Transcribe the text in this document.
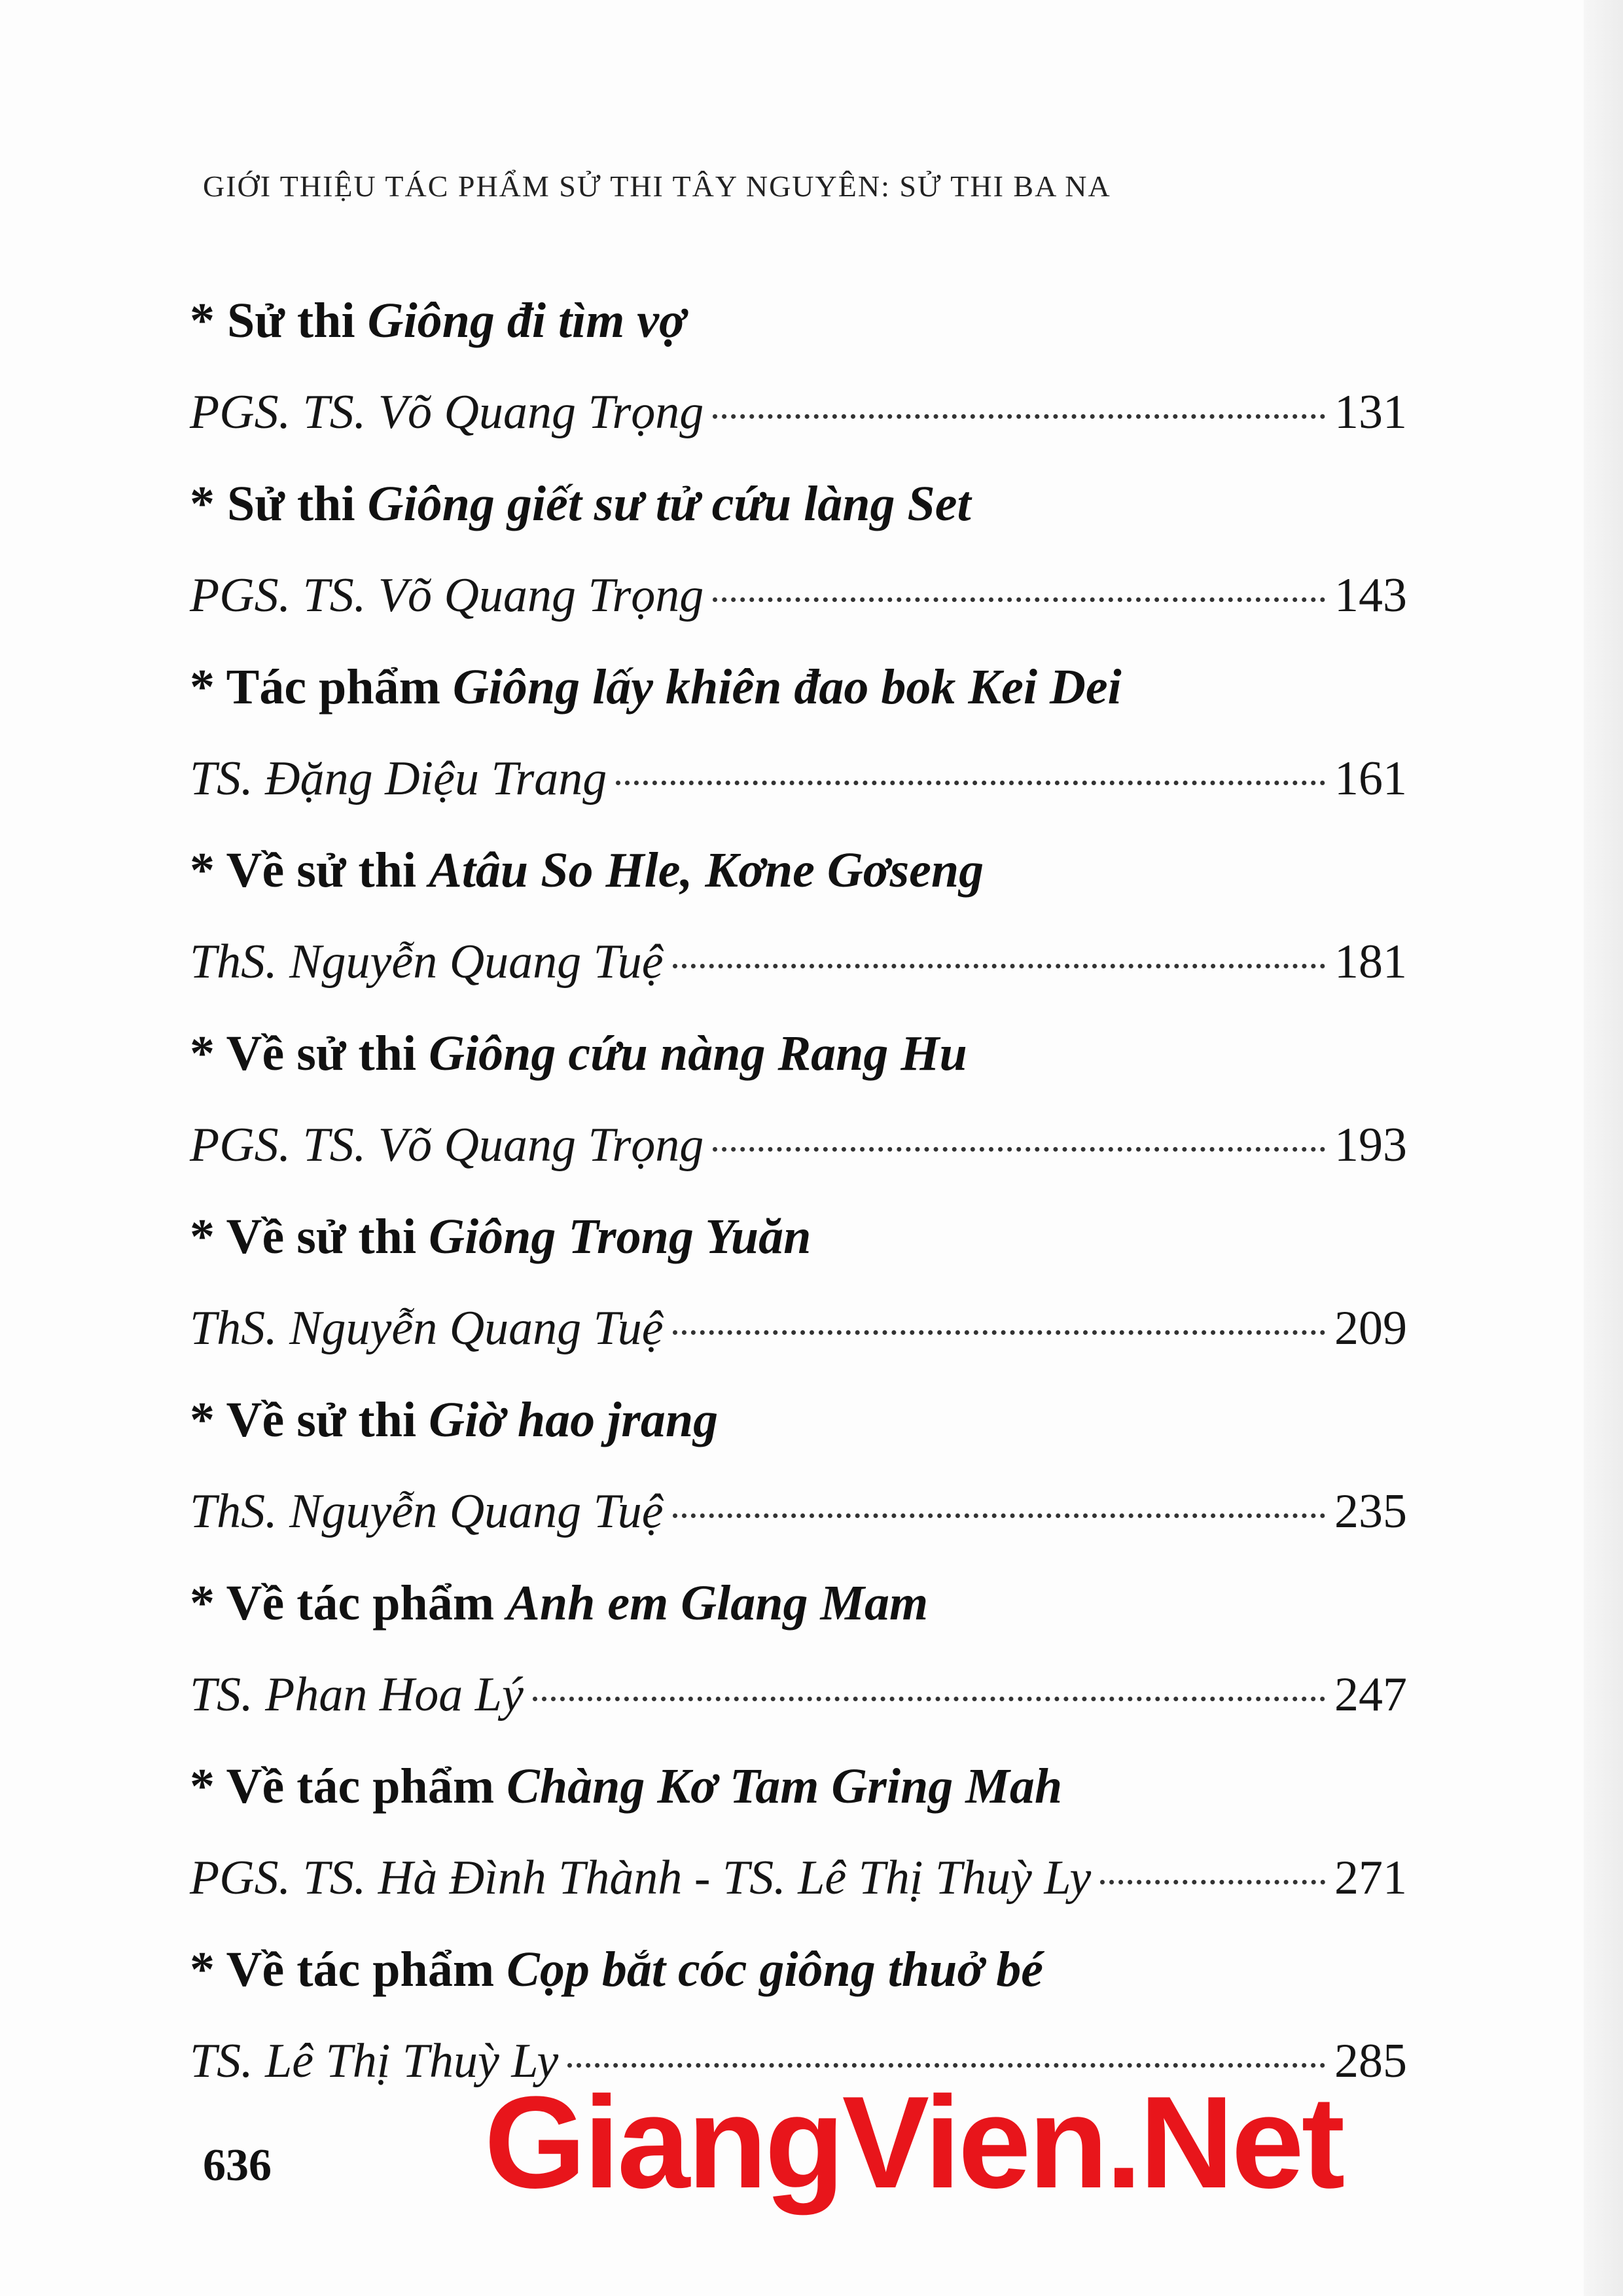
GIỚI THIỆU TÁC PHẨM SỬ THI TÂY NGUYÊN: SỬ THI BA NA
* Sử thi Giông đi tìm vợ
PGS. TS. Võ Quang Trọng	131
* Sử thi Giông giết sư tử cứu làng Set
PGS. TS. Võ Quang Trọng	143
* Tác phẩm Giông lấy khiên đao bok Kei Dei
TS. Đặng Diệu Trang	161
* Về sử thi Atâu So Hle, Kơne Gơseng
ThS. Nguyễn Quang Tuệ	181
* Về sử thi Giông cứu nàng Rang Hu
PGS. TS. Võ Quang Trọng	193
* Về sử thi Giông Trong Yuăn
ThS. Nguyễn Quang Tuệ	209
* Về sử thi Giờ hao jrang
ThS. Nguyễn Quang Tuệ	235
* Về tác phẩm Anh em Glang Mam
TS. Phan Hoa Lý	247
* Về tác phẩm Chàng Kơ Tam Gring Mah
PGS. TS. Hà Đình Thành - TS. Lê Thị Thuỳ Ly	271
* Về tác phẩm Cọp bắt cóc giông thuở bé
TS. Lê Thị Thuỳ Ly	285
636 GiangVien.Net
